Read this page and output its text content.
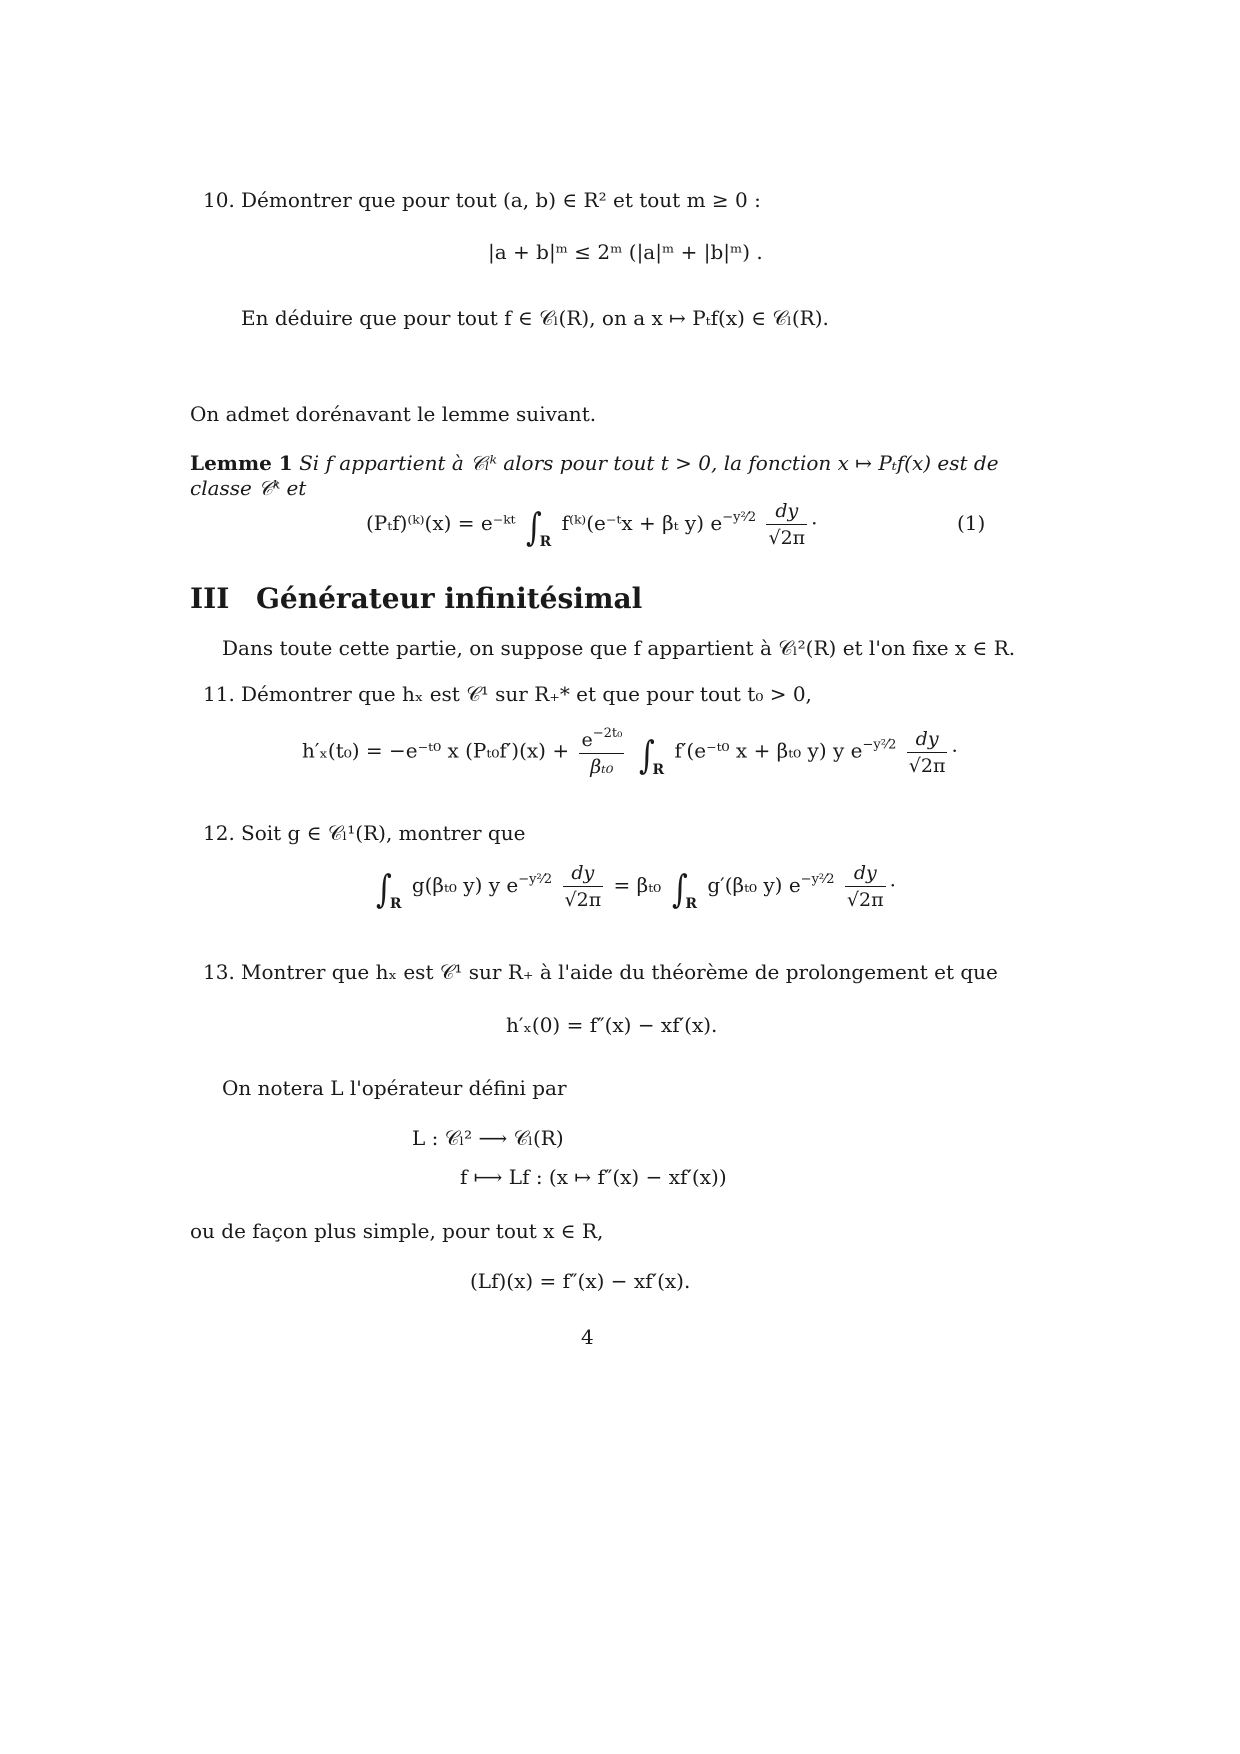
10. Démontrer que pour tout (a, b) ∈ R² et tout m ≥ 0 :
|a + b|ᵐ ≤ 2ᵐ (|a|ᵐ + |b|ᵐ) .
En déduire que pour tout f ∈ 𝒞ₗ(R), on a x ↦ Pₜf(x) ∈ 𝒞ₗ(R).
On admet dorénavant le lemme suivant.
Lemme 1 Si f appartient à 𝒞ₗᵏ alors pour tout t > 0, la fonction x ↦ Pₜf(x) est de
classe 𝒞ᵏ et
(Pₜf)⁽ᵏ⁾(x) = e⁻ᵏᵗ $\int_R$ f⁽ᵏ⁾(e⁻ᵗx + βₜ y) $e^{-y^2⁄2} \frac{dy}{√2\pi}$ ·	(1)
III Générateur infinitésimal
Dans toute cette partie, on suppose que f appartient à 𝒞ₗ²(R) et l'on fixe x ∈ R.
11. Démontrer que hₓ est 𝒞¹ sur R₊* et que pour tout t₀ > 0,
h′ₓ(t₀) = −e⁻ᵗ⁰ x $(P_{t0}f')(x) + \frac{e^{-2t_0}}{\text{βₜ₀}} \int_R$ f′(e⁻ᵗ⁰ x + βₜ₀ y) y $e^{-y^2⁄2} \frac{dy}{√2\pi}$ ·
12. Soit g ∈ 𝒞ₗ¹(R), montrer que
$\int_R$ g(βₜ₀ y) y $e^{-y^2⁄2} \frac{dy}{√2\pi} = \beta_{t0}$ $\int_R$ g′(βₜ₀ y) $e^{-y^2⁄2} \frac{dy}{√2\pi}$ ·
13. Montrer que hₓ est 𝒞¹ sur R₊ à l'aide du théorème de prolongement et que
h′ₓ(0) = f″(x) − xf′(x).
On notera L l'opérateur défini par
L : 𝒞ₗ² ⟶ 𝒞ₗ(R)
f ⟼ Lf : (x ↦ f″(x) − xf′(x))
ou de façon plus simple, pour tout x ∈ R,
(Lf)(x) = f″(x) − xf′(x).
4
